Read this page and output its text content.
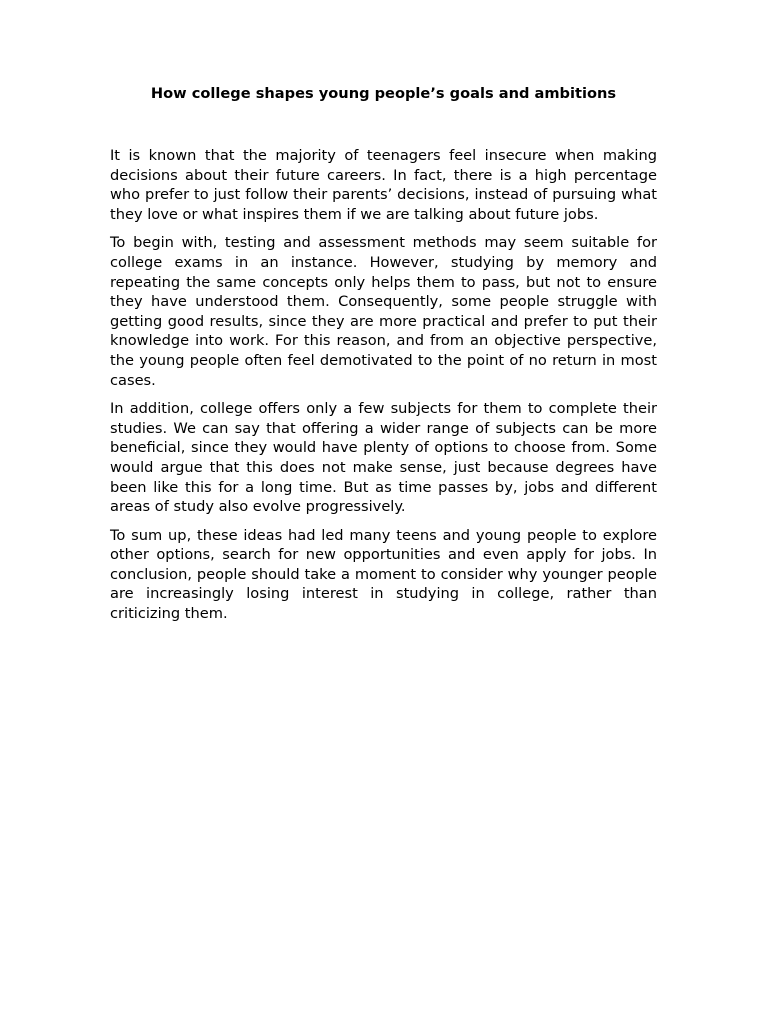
How college shapes young people’s goals and ambitions

It is known that the majority of teenagers feel insecure when making decisions about their future careers. In fact, there is a high percentage who prefer to just follow their parents’ decisions, instead of pursuing what they love or what inspires them if we are talking about future jobs.

To begin with, testing and assessment methods may seem suitable for college exams in an instance. However, studying by memory and repeating the same concepts only helps them to pass, but not to ensure they have understood them. Consequently, some people struggle with getting good results, since they are more practical and prefer to put their knowledge into work. For this reason, and from an objective perspective, the young people often feel demotivated to the point of no return in most cases.

In addition, college offers only a few subjects for them to complete their studies. We can say that offering a wider range of subjects can be more beneficial, since they would have plenty of options to choose from. Some would argue that this does not make sense, just because degrees have been like this for a long time. But as time passes by, jobs and different areas of study also evolve progressively.

To sum up, these ideas had led many teens and young people to explore other options, search for new opportunities and even apply for jobs. In conclusion, people should take a moment to consider why younger people are increasingly losing interest in studying in college, rather than criticizing them.
